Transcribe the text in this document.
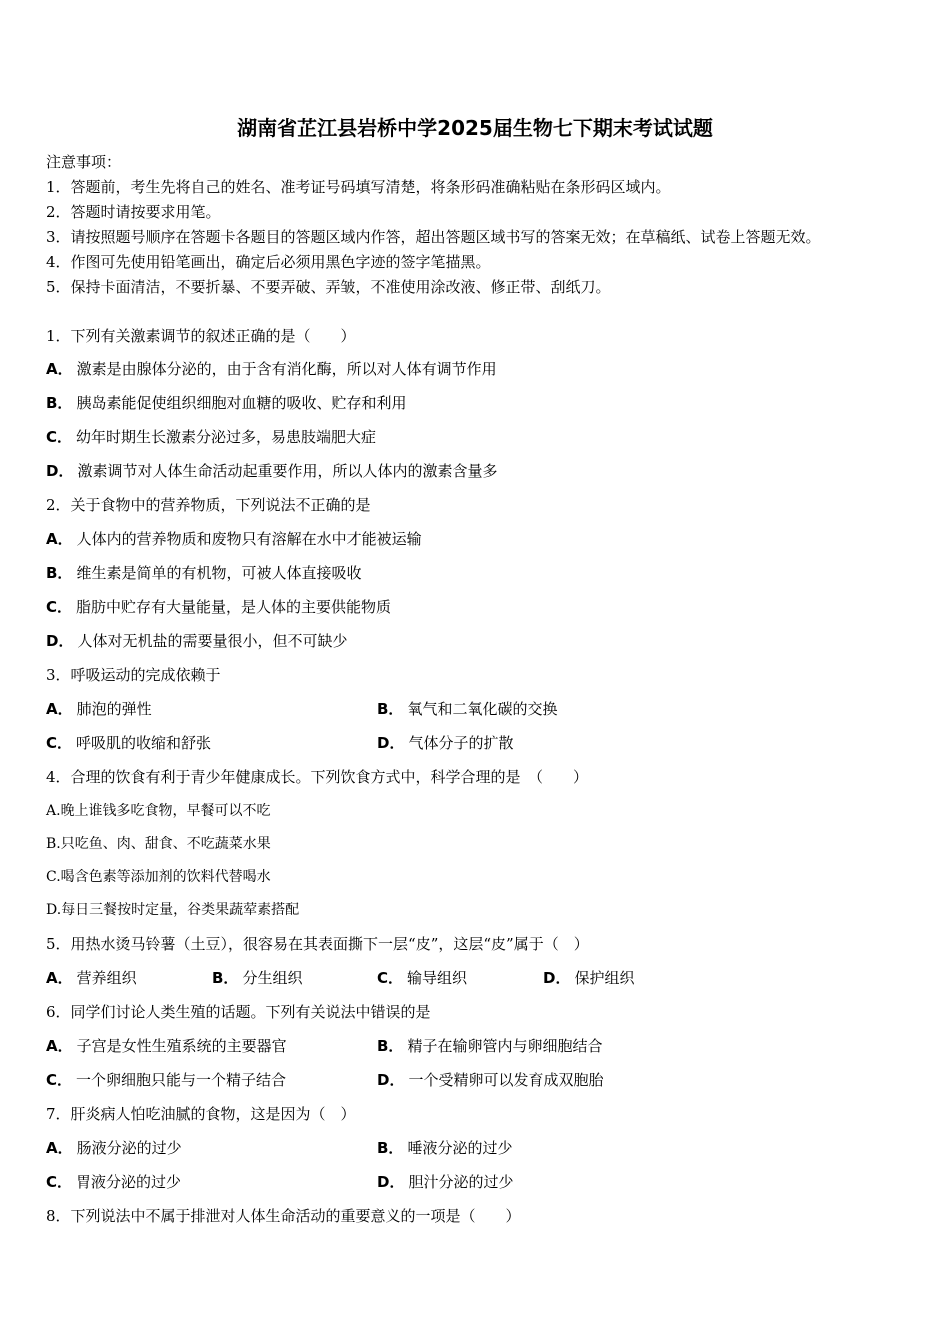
湖南省芷江县岩桥中学2025届生物七下期末考试试题
注意事项：
1．答题前，考生先将自己的姓名、准考证号码填写清楚，将条形码准确粘贴在条形码区域内。
2．答题时请按要求用笔。
3．请按照题号顺序在答题卡各题目的答题区域内作答，超出答题区域书写的答案无效；在草稿纸、试卷上答题无效。
4．作图可先使用铅笔画出，确定后必须用黑色字迹的签字笔描黑。
5．保持卡面清洁，不要折暴、不要弄破、弄皱，不准使用涂改液、修正带、刮纸刀。
1．下列有关激素调节的叙述正确的是（　　）
A． 激素是由腺体分泌的，由于含有消化酶，所以对人体有调节作用
B． 胰岛素能促使组织细胞对血糖的吸收、贮存和利用
C． 幼年时期生长激素分泌过多，易患肢端肥大症
D． 激素调节对人体生命活动起重要作用，所以人体内的激素含量多
2．关于食物中的营养物质，下列说法不正确的是
A． 人体内的营养物质和废物只有溶解在水中才能被运输
B． 维生素是简单的有机物，可被人体直接吸收
C． 脂肪中贮存有大量能量，是人体的主要供能物质
D． 人体对无机盐的需要量很小，但不可缺少
3．呼吸运动的完成依赖于
A． 肺泡的弹性	B． 氧气和二氧化碳的交换
C． 呼吸肌的收缩和舒张	D． 气体分子的扩散
4．合理的饮食有利于青少年健康成长。下列饮食方式中，科学合理的是　（　　）
A.晚上谁钱多吃食物，早餐可以不吃
B.只吃鱼、肉、甜食、不吃蔬菜水果
C.喝含色素等添加剂的饮料代替喝水
D.每日三餐按时定量，谷类果蔬荤素搭配
5．用热水烫马铃薯（土豆），很容易在其表面撕下一层“皮”，这层“皮”属于（　）
A． 营养组织	B． 分生组织	C． 输导组织	D． 保护组织
6．同学们讨论人类生殖的话题。下列有关说法中错误的是
A． 子宫是女性生殖系统的主要器官	B． 精子在输卵管内与卵细胞结合
C． 一个卵细胞只能与一个精子结合	D． 一个受精卵可以发育成双胞胎
7．肝炎病人怕吃油腻的食物，这是因为（　）
A． 肠液分泌的过少	B． 唾液分泌的过少
C． 胃液分泌的过少	D． 胆汁分泌的过少
8．下列说法中不属于排泄对人体生命活动的重要意义的一项是（　　）
